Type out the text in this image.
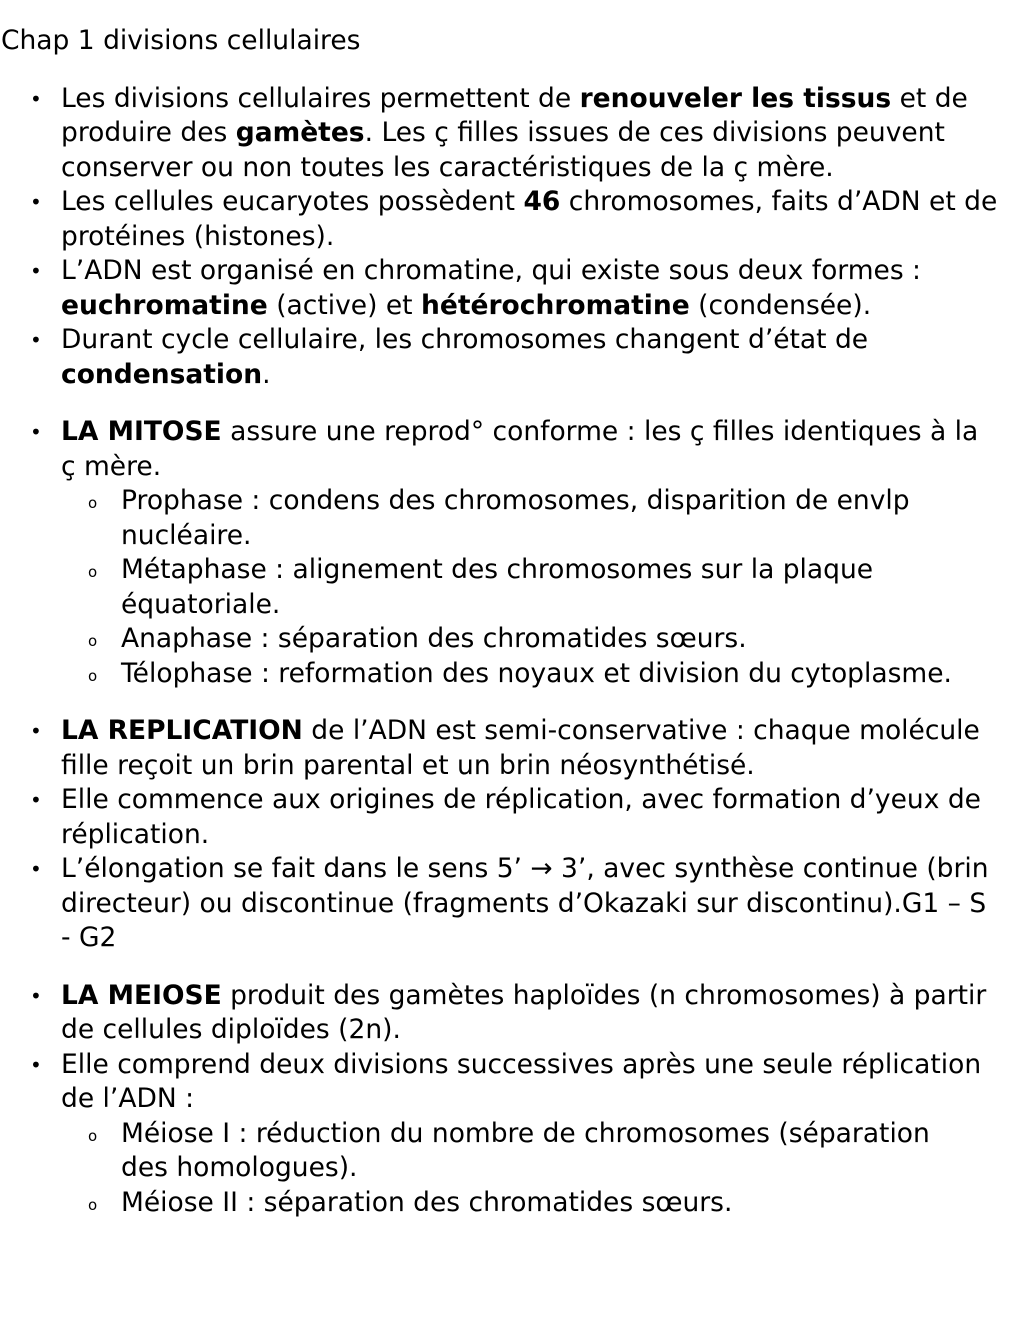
Chap 1 divisions cellulaires
• Les divisions cellulaires permettent de renouveler les tissus et de produire des gamètes. Les ç filles issues de ces divisions peuvent conserver ou non toutes les caractéristiques de la ç mère.
• Les cellules eucaryotes possèdent 46 chromosomes, faits d’ADN et de protéines (histones).
• L’ADN est organisé en chromatine, qui existe sous deux formes : euchromatine (active) et hétérochromatine (condensée).
• Durant cycle cellulaire, les chromosomes changent d’état de condensation.
• LA MITOSE assure une reprod° conforme : les ç filles identiques à la ç mère.
o Prophase : condens des chromosomes, disparition de envlp nucléaire.
o Métaphase : alignement des chromosomes sur la plaque équatoriale.
o Anaphase : séparation des chromatides sœurs.
o Télophase : reformation des noyaux et division du cytoplasme.
• LA REPLICATION de l’ADN est semi-conservative : chaque molécule fille reçoit un brin parental et un brin néosynthétisé.
• Elle commence aux origines de réplication, avec formation d’yeux de réplication.
• L’élongation se fait dans le sens 5’ → 3’, avec synthèse continue (brin directeur) ou discontinue (fragments d’Okazaki sur discontinu).G1 – S - G2
• LA MEIOSE produit des gamètes haploïdes (n chromosomes) à partir de cellules diploïdes (2n).
• Elle comprend deux divisions successives après une seule réplication de l’ADN :
o Méiose I : réduction du nombre de chromosomes (séparation des homologues).
o Méiose II : séparation des chromatides sœurs.
